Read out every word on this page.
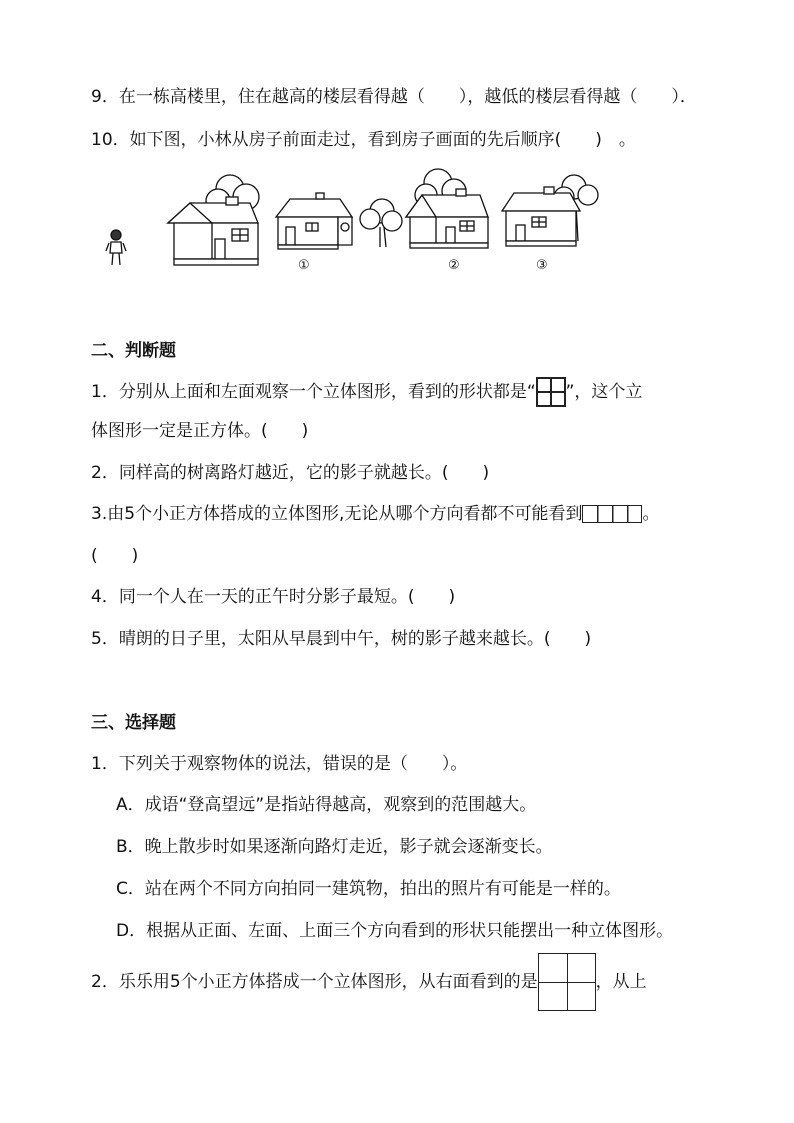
9．在一栋高楼里，住在越高的楼层看得越（　　），越低的楼层看得越（　　）．
10．如下图，小林从房子前面走过，看到房子画面的先后顺序(　　)　。
①	②	③
二、判断题
1．分别从上面和左面观察一个立体图形，看到的形状都是“ ”，这个立
体图形一定是正方体。(　　)
2．同样高的树离路灯越近，它的影子就越长。(　　)
3.由5个小正方体搭成的立体图形,无论从哪个方向看都不可能看到	。
(　　)
4．同一个人在一天的正午时分影子最短。(　　)
5．晴朗的日子里，太阳从早晨到中午，树的影子越来越长。(　　)
三、选择题
1．下列关于观察物体的说法，错误的是（　　）。
A．成语“登高望远”是指站得越高，观察到的范围越大。
B．晚上散步时如果逐渐向路灯走近，影子就会逐渐变长。
C．站在两个不同方向拍同一建筑物，拍出的照片有可能是一样的。
D．根据从正面、左面、上面三个方向看到的形状只能摆出一种立体图形。
2．乐乐用5个小正方体搭成一个立体图形，从右面看到的是	，从上
